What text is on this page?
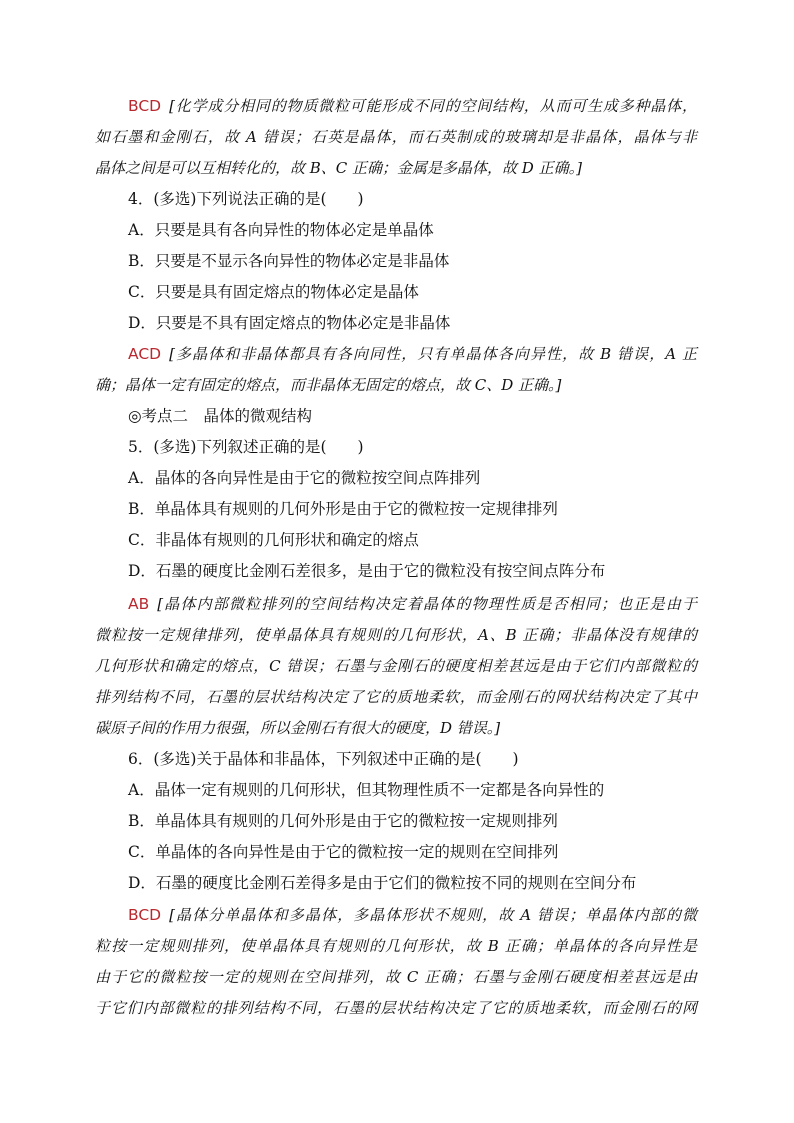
BCD [化学成分相同的物质微粒可能形成不同的空间结构，从而可生成多种晶体，
如石墨和金刚石，故 A 错误；石英是晶体，而石英制成的玻璃却是非晶体，晶体与非
晶体之间是可以互相转化的，故 B、C 正确；金属是多晶体，故 D 正确。]
4．(多选)下列说法正确的是(　　)
A．只要是具有各向异性的物体必定是单晶体
B．只要是不显示各向异性的物体必定是非晶体
C．只要是具有固定熔点的物体必定是晶体
D．只要是不具有固定熔点的物体必定是非晶体
ACD [多晶体和非晶体都具有各向同性，只有单晶体各向异性，故 B 错误，A 正
确；晶体一定有固定的熔点，而非晶体无固定的熔点，故 C、D 正确。]
◎考点二　晶体的微观结构
5．(多选)下列叙述正确的是(　　)
A．晶体的各向异性是由于它的微粒按空间点阵排列
B．单晶体具有规则的几何外形是由于它的微粒按一定规律排列
C．非晶体有规则的几何形状和确定的熔点
D．石墨的硬度比金刚石差很多，是由于它的微粒没有按空间点阵分布
AB [晶体内部微粒排列的空间结构决定着晶体的物理性质是否相同；也正是由于
微粒按一定规律排列，使单晶体具有规则的几何形状，A、B 正确；非晶体没有规律的
几何形状和确定的熔点，C 错误；石墨与金刚石的硬度相差甚远是由于它们内部微粒的
排列结构不同，石墨的层状结构决定了它的质地柔软，而金刚石的网状结构决定了其中
碳原子间的作用力很强，所以金刚石有很大的硬度，D 错误。]
6．(多选)关于晶体和非晶体，下列叙述中正确的是(　　)
A．晶体一定有规则的几何形状，但其物理性质不一定都是各向异性的
B．单晶体具有规则的几何外形是由于它的微粒按一定规则排列
C．单晶体的各向异性是由于它的微粒按一定的规则在空间排列
D．石墨的硬度比金刚石差得多是由于它们的微粒按不同的规则在空间分布
BCD [晶体分单晶体和多晶体，多晶体形状不规则，故 A 错误；单晶体内部的微
粒按一定规则排列，使单晶体具有规则的几何形状，故 B 正确；单晶体的各向异性是
由于它的微粒按一定的规则在空间排列，故 C 正确；石墨与金刚石硬度相差甚远是由
于它们内部微粒的排列结构不同，石墨的层状结构决定了它的质地柔软，而金刚石的网
